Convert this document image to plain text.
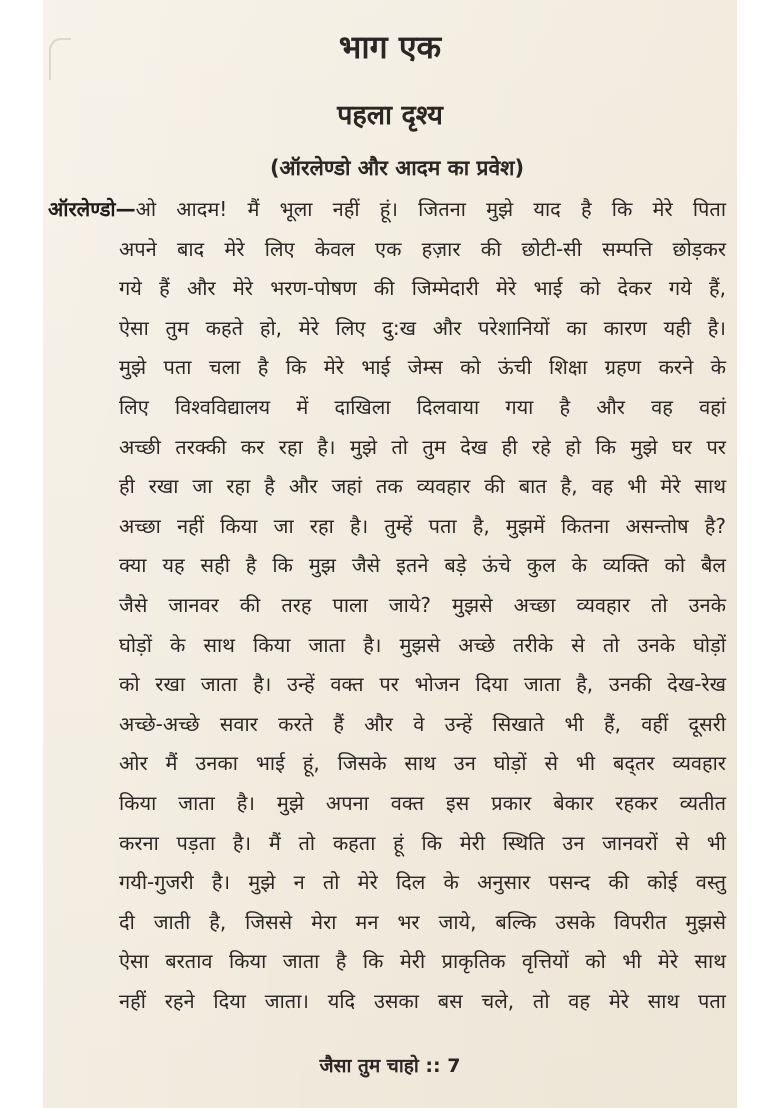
भाग एक
पहला दृश्य
(ऑरलेण्डो और आदम का प्रवेश)
ऑरलेण्डो—ओ आदम! मैं भूला नहीं हूं। जितना मुझे याद है कि मेरे पिता
अपने बाद मेरे लिए केवल एक हज़ार की छोटी-सी सम्पत्ति छोड़कर
गये हैं और मेरे भरण-पोषण की जिम्मेदारी मेरे भाई को देकर गये हैं,
ऐसा तुम कहते हो, मेरे लिए दु:ख और परेशानियों का कारण यही है।
मुझे पता चला है कि मेरे भाई जेम्स को ऊंची शिक्षा ग्रहण करने के
लिए विश्वविद्यालय में दाखिला दिलवाया गया है और वह वहां
अच्छी तरक्की कर रहा है। मुझे तो तुम देख ही रहे हो कि मुझे घर पर
ही रखा जा रहा है और जहां तक व्यवहार की बात है, वह भी मेरे साथ
अच्छा नहीं किया जा रहा है। तुम्हें पता है, मुझमें कितना असन्तोष है?
क्या यह सही है कि मुझ जैसे इतने बड़े ऊंचे कुल के व्यक्ति को बैल
जैसे जानवर की तरह पाला जाये? मुझसे अच्छा व्यवहार तो उनके
घोड़ों के साथ किया जाता है। मुझसे अच्छे तरीके से तो उनके घोड़ों
को रखा जाता है। उन्हें वक्त पर भोजन दिया जाता है, उनकी देख-रेख
अच्छे-अच्छे सवार करते हैं और वे उन्हें सिखाते भी हैं, वहीं दूसरी
ओर मैं उनका भाई हूं, जिसके साथ उन घोड़ों से भी बद्तर व्यवहार
किया जाता है। मुझे अपना वक्त इस प्रकार बेकार रहकर व्यतीत
करना पड़ता है। मैं तो कहता हूं कि मेरी स्थिति उन जानवरों से भी
गयी-गुजरी है। मुझे न तो मेरे दिल के अनुसार पसन्द की कोई वस्तु
दी जाती है, जिससे मेरा मन भर जाये, बल्कि उसके विपरीत मुझसे
ऐसा बरताव किया जाता है कि मेरी प्राकृतिक वृत्तियों को भी मेरे साथ
नहीं रहने दिया जाता। यदि उसका बस चले, तो वह मेरे साथ पता
जैसा तुम चाहो :: 7
